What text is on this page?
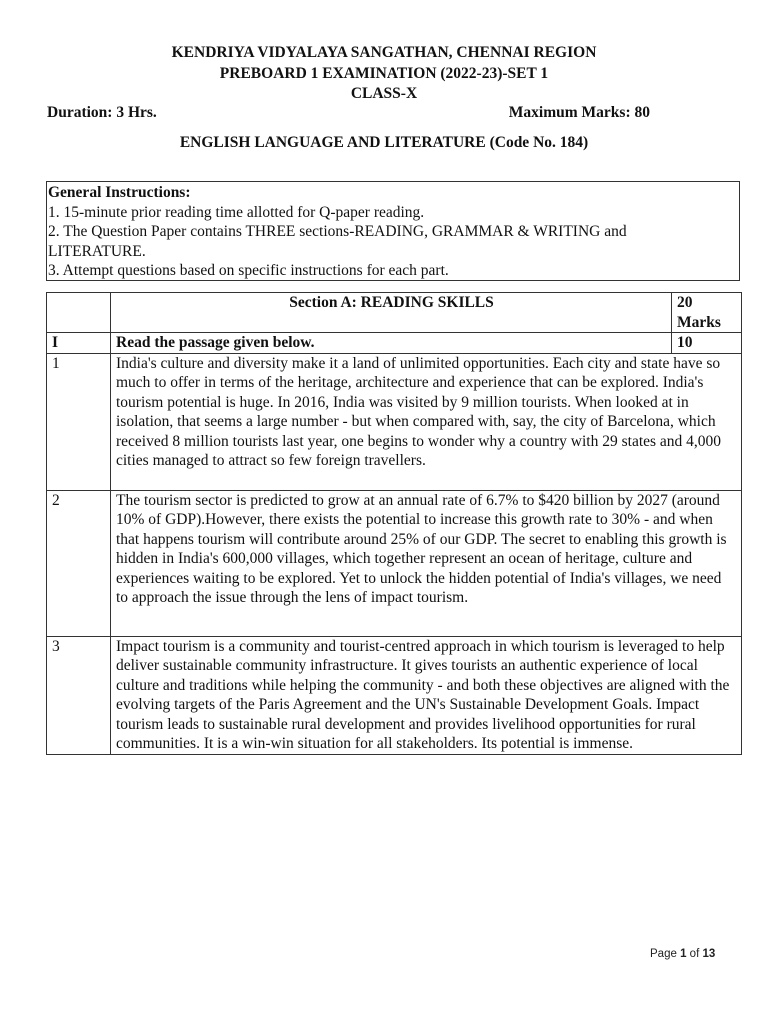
KENDRIYA VIDYALAYA SANGATHAN, CHENNAI REGION
PREBOARD 1 EXAMINATION (2022-23)-SET 1
CLASS-X
Duration: 3 Hrs.	Maximum Marks: 80
ENGLISH LANGUAGE AND LITERATURE (Code No. 184)
General Instructions:
1. 15-minute prior reading time allotted for Q-paper reading.
2. The Question Paper contains THREE sections-READING, GRAMMAR & WRITING and LITERATURE.
3. Attempt questions based on specific instructions for each part.
	Section A: READING SKILLS	20 Marks
I	Read the passage given below.	10
1	India's culture and diversity make it a land of unlimited opportunities. Each city and state have so much to offer in terms of the heritage, architecture and experience that can be explored. India's tourism potential is huge. In 2016, India was visited by 9 million tourists. When looked at in isolation, that seems a large number - but when compared with, say, the city of Barcelona, which received 8 million tourists last year, one begins to wonder why a country with 29 states and 4,000 cities managed to attract so few foreign travellers.	
2	The tourism sector is predicted to grow at an annual rate of 6.7% to $420 billion by 2027 (around 10% of GDP).However, there exists the potential to increase this growth rate to 30% - and when that happens tourism will contribute around 25% of our GDP. The secret to enabling this growth is hidden in India's 600,000 villages, which together represent an ocean of heritage, culture and experiences waiting to be explored. Yet to unlock the hidden potential of India's villages, we need to approach the issue through the lens of impact tourism.	
3	Impact tourism is a community and tourist-centred approach in which tourism is leveraged to help deliver sustainable community infrastructure. It gives tourists an authentic experience of local culture and traditions while helping the community - and both these objectives are aligned with the evolving targets of the Paris Agreement and the UN's Sustainable Development Goals. Impact tourism leads to sustainable rural development and provides livelihood opportunities for rural communities. It is a win-win situation for all stakeholders. Its potential is immense.	
Page 1 of 13
